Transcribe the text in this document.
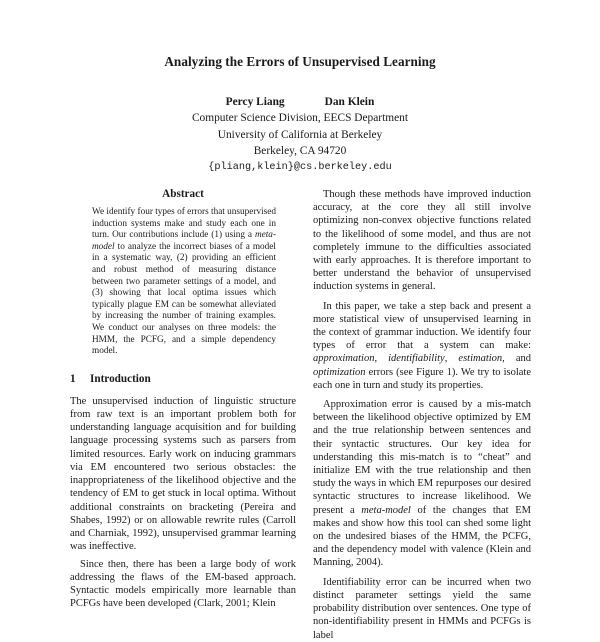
Analyzing the Errors of Unsupervised Learning
Percy Liang	Dan Klein
Computer Science Division, EECS Department
University of California at Berkeley
Berkeley, CA 94720
{pliang,klein}@cs.berkeley.edu
Abstract

We identify four types of errors that unsupervised induction systems make and study each one in turn. Our contributions include (1) using a meta-model to analyze the incorrect biases of a model in a systematic way, (2) providing an efficient and robust method of measuring distance between two parameter settings of a model, and (3) showing that local optima issues which typically plague EM can be somewhat alleviated by increasing the number of training examples. We conduct our analyses on three models: the HMM, the PCFG, and a simple dependency model.

1 Introduction

The unsupervised induction of linguistic structure from raw text is an important problem both for understanding language acquisition and for building language processing systems such as parsers from limited resources. Early work on inducing grammars via EM encountered two serious obstacles: the inappropriateness of the likelihood objective and the tendency of EM to get stuck in local optima. Without additional constraints on bracketing (Pereira and Shabes, 1992) or on allowable rewrite rules (Carroll and Charniak, 1992), unsupervised grammar learning was ineffective.

Since then, there has been a large body of work addressing the flaws of the EM-based approach. Syntactic models empirically more learnable than PCFGs have been developed (Clark, 2001; Klein

Though these methods have improved induction accuracy, at the core they all still involve optimizing non-convex objective functions related to the likelihood of some model, and thus are not completely immune to the difficulties associated with early approaches. It is therefore important to better understand the behavior of unsupervised induction systems in general.

In this paper, we take a step back and present a more statistical view of unsupervised learning in the context of grammar induction. We identify four types of error that a system can make: approximation, identifiability, estimation, and optimization errors (see Figure 1). We try to isolate each one in turn and study its properties.

Approximation error is caused by a mis-match between the likelihood objective optimized by EM and the true relationship between sentences and their syntactic structures. Our key idea for understanding this mis-match is to “cheat” and initialize EM with the true relationship and then study the ways in which EM repurposes our desired syntactic structures to increase likelihood. We present a meta-model of the changes that EM makes and show how this tool can shed some light on the undesired biases of the HMM, the PCFG, and the dependency model with valence (Klein and Manning, 2004).

Identifiability error can be incurred when two distinct parameter settings yield the same probability distribution over sentences. One type of non-identifiability present in HMMs and PCFGs is label
